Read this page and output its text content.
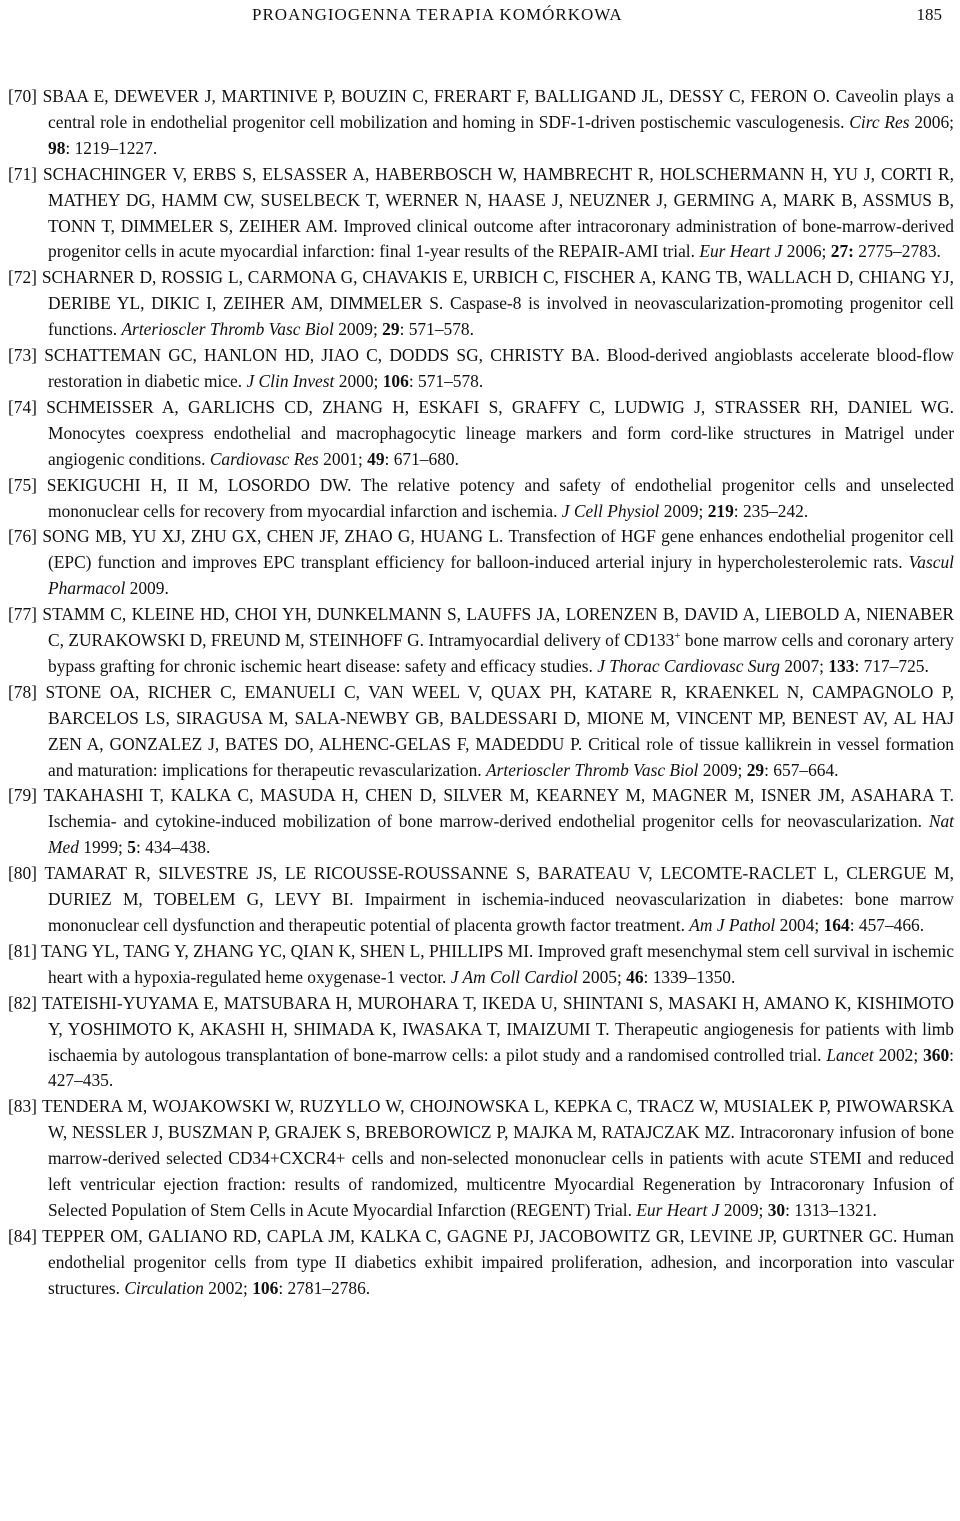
PROANGIOGENNA TERAPIA KOMÓRKOWA	185

[70] SBAA E, DEWEVER J, MARTINIVE P, BOUZIN C, FRERART F, BALLIGAND JL, DESSY C, FERON O. Caveolin plays a central role in endothelial progenitor cell mobilization and homing in SDF-1-driven postischemic vasculogenesis. Circ Res 2006; 98: 1219–1227.

[71] SCHACHINGER V, ERBS S, ELSASSER A, HABERBOSCH W, HAMBRECHT R, HOLSCHERMANN H, YU J, CORTI R, MATHEY DG, HAMM CW, SUSELBECK T, WERNER N, HAASE J, NEUZNER J, GERMING A, MARK B, ASSMUS B, TONN T, DIMMELER S, ZEIHER AM. Improved clinical outcome after intracoronary administration of bone-marrow-derived progenitor cells in acute myocardial infarction: final 1-year results of the REPAIR-AMI trial. Eur Heart J 2006; 27: 2775–2783.

[72] SCHARNER D, ROSSIG L, CARMONA G, CHAVAKIS E, URBICH C, FISCHER A, KANG TB, WALLACH D, CHIANG YJ, DERIBE YL, DIKIC I, ZEIHER AM, DIMMELER S. Caspase-8 is involved in neovascularization-promoting progenitor cell functions. Arterioscler Thromb Vasc Biol 2009; 29: 571–578.

[73] SCHATTEMAN GC, HANLON HD, JIAO C, DODDS SG, CHRISTY BA. Blood-derived angioblasts accelerate blood-flow restoration in diabetic mice. J Clin Invest 2000; 106: 571–578.

[74] SCHMEISSER A, GARLICHS CD, ZHANG H, ESKAFI S, GRAFFY C, LUDWIG J, STRASSER RH, DANIEL WG. Monocytes coexpress endothelial and macrophagocytic lineage markers and form cord-like structures in Matrigel under angiogenic conditions. Cardiovasc Res 2001; 49: 671–680.

[75] SEKIGUCHI H, II M, LOSORDO DW. The relative potency and safety of endothelial progenitor cells and unselected mononuclear cells for recovery from myocardial infarction and ischemia. J Cell Physiol 2009; 219: 235–242.

[76] SONG MB, YU XJ, ZHU GX, CHEN JF, ZHAO G, HUANG L. Transfection of HGF gene enhances endothelial progenitor cell (EPC) function and improves EPC transplant efficiency for balloon-induced arterial injury in hypercholesterolemic rats. Vascul Pharmacol 2009.

[77] STAMM C, KLEINE HD, CHOI YH, DUNKELMANN S, LAUFFS JA, LORENZEN B, DAVID A, LIEBOLD A, NIENABER C, ZURAKOWSKI D, FREUND M, STEINHOFF G. Intramyocardial delivery of CD133+ bone marrow cells and coronary artery bypass grafting for chronic ischemic heart disease: safety and efficacy studies. J Thorac Cardiovasc Surg 2007; 133: 717–725.

[78] STONE OA, RICHER C, EMANUELI C, VAN WEEL V, QUAX PH, KATARE R, KRAENKEL N, CAMPAGNOLO P, BARCELOS LS, SIRAGUSA M, SALA-NEWBY GB, BALDESSARI D, MIONE M, VINCENT MP, BENEST AV, AL HAJ ZEN A, GONZALEZ J, BATES DO, ALHENC-GELAS F, MADEDDU P. Critical role of tissue kallikrein in vessel formation and maturation: implications for therapeutic revascularization. Arterioscler Thromb Vasc Biol 2009; 29: 657–664.

[79] TAKAHASHI T, KALKA C, MASUDA H, CHEN D, SILVER M, KEARNEY M, MAGNER M, ISNER JM, ASAHARA T. Ischemia- and cytokine-induced mobilization of bone marrow-derived endothelial progenitor cells for neovascularization. Nat Med 1999; 5: 434–438.

[80] TAMARAT R, SILVESTRE JS, LE RICOUSSE-ROUSSANNE S, BARATEAU V, LECOMTE-RACLET L, CLERGUE M, DURIEZ M, TOBELEM G, LEVY BI. Impairment in ischemia-induced neovascularization in diabetes: bone marrow mononuclear cell dysfunction and therapeutic potential of placenta growth factor treatment. Am J Pathol 2004; 164: 457–466.

[81] TANG YL, TANG Y, ZHANG YC, QIAN K, SHEN L, PHILLIPS MI. Improved graft mesenchymal stem cell survival in ischemic heart with a hypoxia-regulated heme oxygenase-1 vector. J Am Coll Cardiol 2005; 46: 1339–1350.

[82] TATEISHI-YUYAMA E, MATSUBARA H, MUROHARA T, IKEDA U, SHINTANI S, MASAKI H, AMANO K, KISHIMOTO Y, YOSHIMOTO K, AKASHI H, SHIMADA K, IWASAKA T, IMAIZUMI T. Therapeutic angiogenesis for patients with limb ischaemia by autologous transplantation of bone-marrow cells: a pilot study and a randomised controlled trial. Lancet 2002; 360: 427–435.

[83] TENDERA M, WOJAKOWSKI W, RUZYLLO W, CHOJNOWSKA L, KEPKA C, TRACZ W, MUSIALEK P, PIWOWARSKA W, NESSLER J, BUSZMAN P, GRAJEK S, BREBOROWICZ P, MAJKA M, RATAJCZAK MZ. Intracoronary infusion of bone marrow-derived selected CD34+CXCR4+ cells and non-selected mononuclear cells in patients with acute STEMI and reduced left ventricular ejection fraction: results of randomized, multicentre Myocardial Regeneration by Intracoronary Infusion of Selected Population of Stem Cells in Acute Myocardial Infarction (REGENT) Trial. Eur Heart J 2009; 30: 1313–1321.

[84] TEPPER OM, GALIANO RD, CAPLA JM, KALKA C, GAGNE PJ, JACOBOWITZ GR, LEVINE JP, GURTNER GC. Human endothelial progenitor cells from type II diabetics exhibit impaired proliferation, adhesion, and incorporation into vascular structures. Circulation 2002; 106: 2781–2786.
